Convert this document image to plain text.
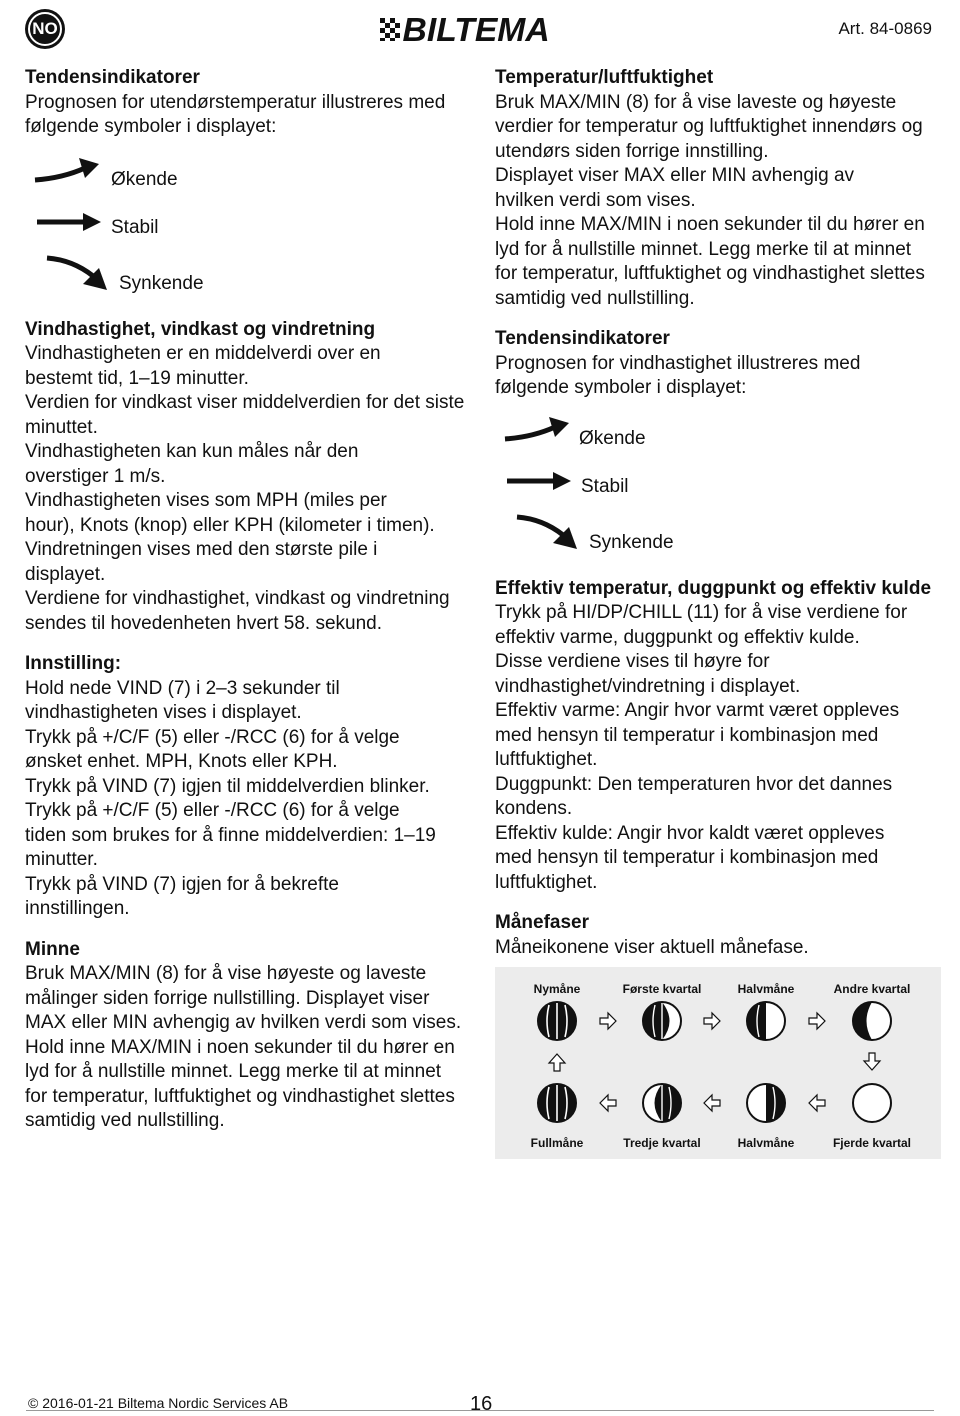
NO	BILTEMA	Art. 84-0869

Tendensindikatorer

Prognosen for utendørstemperatur illustreres med følgende symboler i displayet:

Økende
Stabil
Synkende

Vindhastighet, vindkast og vindretning

Vindhastigheten er en middelverdi over en bestemt tid, 1–19 minutter.

Verdien for vindkast viser middelverdien for det siste minuttet.

Vindhastigheten kan kun måles når den overstiger 1 m/s.

Vindhastigheten vises som MPH (miles per hour), Knots (knop) eller KPH (kilometer i timen).

Vindretningen vises med den største pile i displayet.

Verdiene for vindhastighet, vindkast og vindretning sendes til hovedenheten hvert 58. sekund.

Innstilling:

Hold nede VIND (7) i 2–3 sekunder til vindhastigheten vises i displayet.

Trykk på +/C/F (5) eller -/RCC (6) for å velge ønsket enhet. MPH, Knots eller KPH.

Trykk på VIND (7) igjen til middelverdien blinker.

Trykk på +/C/F (5) eller -/RCC (6) for å velge tiden som brukes for å finne middelverdien: 1–19 minutter.

Trykk på VIND (7) igjen for å bekrefte innstillingen.

Minne

Bruk MAX/MIN (8) for å vise høyeste og laveste målinger siden forrige nullstilling. Displayet viser MAX eller MIN avhengig av hvilken verdi som vises.

Hold inne MAX/MIN i noen sekunder til du hører en lyd for å nullstille minnet. Legg merke til at minnet for temperatur, luftfuktighet og vindhastighet slettes samtidig ved nullstilling.

Temperatur/luftfuktighet

Bruk MAX/MIN (8) for å vise laveste og høyeste verdier for temperatur og luftfuktighet innendørs og utendørs siden forrige innstilling.

Displayet viser MAX eller MIN avhengig av hvilken verdi som vises.

Hold inne MAX/MIN i noen sekunder til du hører en lyd for å nullstille minnet. Legg merke til at minnet for temperatur, luftfuktighet og vindhastighet slettes samtidig ved nullstilling.

Tendensindikatorer

Prognosen for vindhastighet illustreres med følgende symboler i displayet:

Økende
Stabil
Synkende

Effektiv temperatur, duggpunkt og effektiv kulde

Trykk på HI/DP/CHILL (11) for å vise verdiene for effektiv varme, duggpunkt og effektiv kulde.

Disse verdiene vises til høyre for vindhastighet/vindretning i displayet.

Effektiv varme: Angir hvor varmt været oppleves med hensyn til temperatur i kombinasjon med luftfuktighet.

Duggpunkt: Den temperaturen hvor det dannes kondens.

Effektiv kulde: Angir hvor kaldt været oppleves med hensyn til temperatur i kombinasjon med luftfuktighet.

Månefaser

Måneikonene viser aktuell månefase.

Nymåne	Første kvartal	Halvmåne	Andre kvartal
Fullmåne	Tredje kvartal	Halvmåne	Fjerde kvartal
© 2016-01-21 Biltema Nordic Services AB	16
